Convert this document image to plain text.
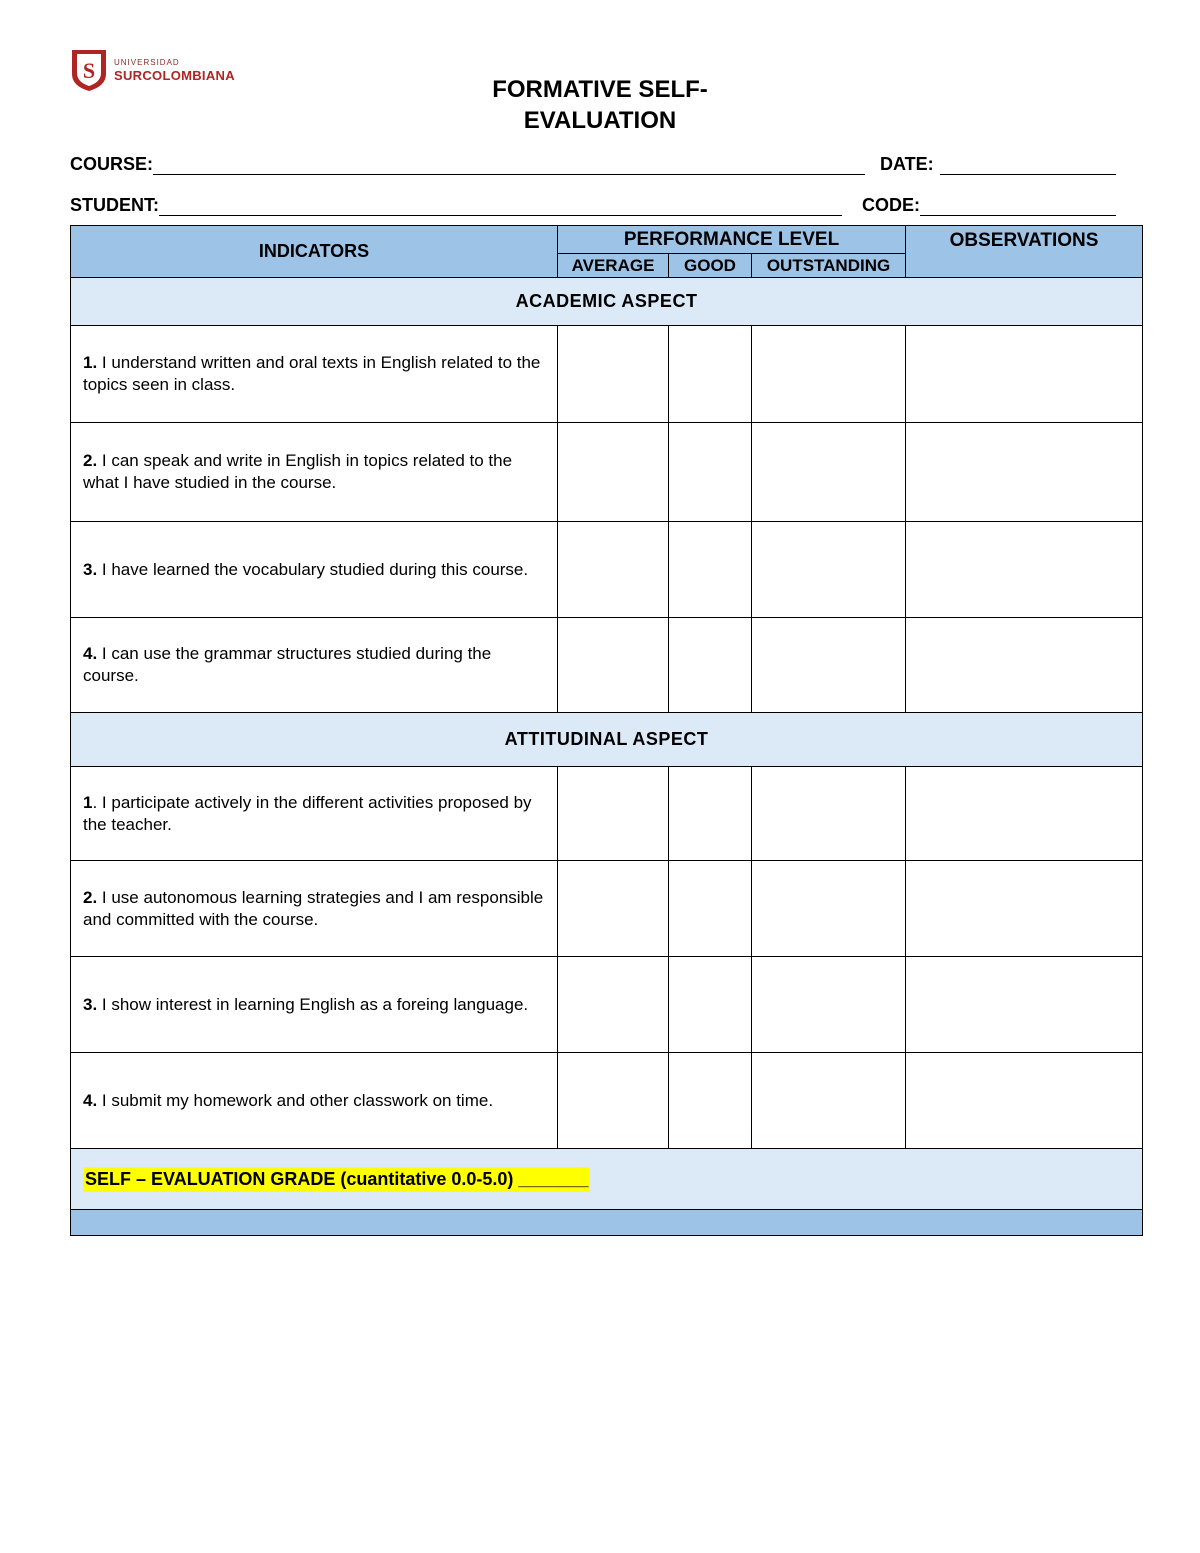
S UNIVERSIDAD
SURCOLOMBIANA
FORMATIVE SELF-
EVALUATION
COURSE:	DATE:
STUDENT:	CODE:
INDICATORS	PERFORMANCE LEVEL			OBSERVATIONS
	AVERAGE	GOOD	OUTSTANDING	
ACADEMIC ASPECT				
1. I understand written and oral texts in English related to the topics seen in class.				
2. I can speak and write in English in topics related to the what I have studied in the course.				
3. I have learned the vocabulary studied during this course.				
4. I can use the grammar structures studied during the course.				
ATTITUDINAL ASPECT				
1. I participate actively in the different activities proposed by the teacher.				
2. I use autonomous learning strategies and I am responsible and committed with the course.				
3. I show interest in learning English as a foreing language.				
4. I submit my homework and other classwork on time.				
SELF – EVALUATION GRADE (cuantitative 0.0-5.0) _______				
